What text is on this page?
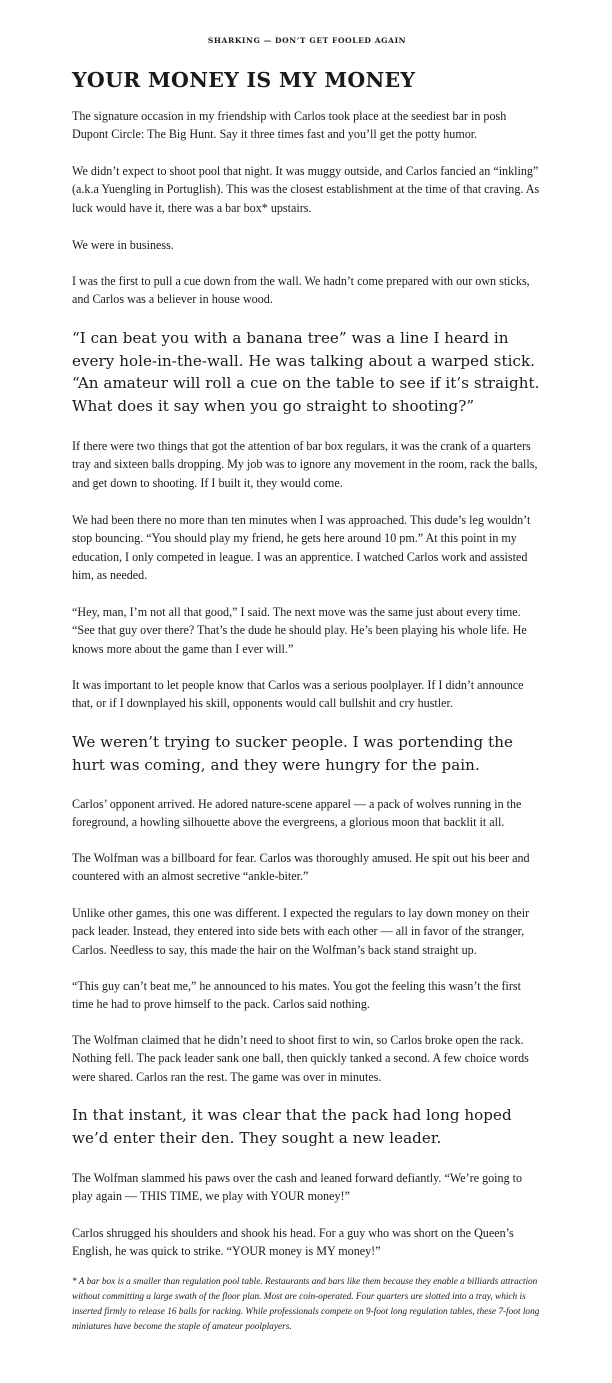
SHARKING — DON’T GET FOOLED AGAIN
YOUR MONEY IS MY MONEY

The signature occasion in my friendship with Carlos took place at the seediest bar in posh Dupont Circle: The Big Hunt. Say it three times fast and you’ll get the potty humor.

We didn’t expect to shoot pool that night. It was muggy outside, and Carlos fancied an “inkling” (a.k.a Yuengling in Portuglish). This was the closest establishment at the time of that craving. As luck would have it, there was a bar box* upstairs.

We were in business.

I was the first to pull a cue down from the wall. We hadn’t come prepared with our own sticks, and Carlos was a believer in house wood.

“I can beat you with a banana tree” was a line I heard in every hole-in-the-wall. He was talking about a warped stick. “An amateur will roll a cue on the table to see if it’s straight. What does it say when you go straight to shooting?”

If there were two things that got the attention of bar box regulars, it was the crank of a quarters tray and sixteen balls dropping. My job was to ignore any movement in the room, rack the balls, and get down to shooting. If I built it, they would come.

We had been there no more than ten minutes when I was approached. This dude’s leg wouldn’t stop bouncing. “You should play my friend, he gets here around 10 pm.” At this point in my education, I only competed in league. I was an apprentice. I watched Carlos work and assisted him, as needed.

“Hey, man, I’m not all that good,” I said. The next move was the same just about every time. “See that guy over there? That’s the dude he should play. He’s been playing his whole life. He knows more about the game than I ever will.”

It was important to let people know that Carlos was a serious poolplayer. If I didn’t announce that, or if I downplayed his skill, opponents would call bullshit and cry hustler.

We weren’t trying to sucker people. I was portending the hurt was coming, and they were hungry for the pain.

Carlos’ opponent arrived. He adored nature-scene apparel — a pack of wolves running in the foreground, a howling silhouette above the evergreens, a glorious moon that backlit it all.

The Wolfman was a billboard for fear. Carlos was thoroughly amused. He spit out his beer and countered with an almost secretive “ankle-biter.”

Unlike other games, this one was different. I expected the regulars to lay down money on their pack leader. Instead, they entered into side bets with each other — all in favor of the stranger, Carlos. Needless to say, this made the hair on the Wolfman’s back stand straight up.

“This guy can’t beat me,” he announced to his mates. You got the feeling this wasn’t the first time he had to prove himself to the pack. Carlos said nothing.

The Wolfman claimed that he didn’t need to shoot first to win, so Carlos broke open the rack. Nothing fell. The pack leader sank one ball, then quickly tanked a second. A few choice words were shared. Carlos ran the rest. The game was over in minutes.

In that instant, it was clear that the pack had long hoped we’d enter their den. They sought a new leader.

The Wolfman slammed his paws over the cash and leaned forward defiantly. “We’re going to play again — THIS TIME, we play with YOUR money!”

Carlos shrugged his shoulders and shook his head. For a guy who was short on the Queen’s English, he was quick to strike. “YOUR money is MY money!”

* A bar box is a smaller than regulation pool table. Restaurants and bars like them because they enable a billiards attraction without committing a large swath of the floor plan. Most are coin-operated. Four quarters are slotted into a tray, which is inserted firmly to release 16 balls for racking. While professionals compete on 9-foot long regulation tables, these 7-foot long miniatures have become the staple of amateur poolplayers.
